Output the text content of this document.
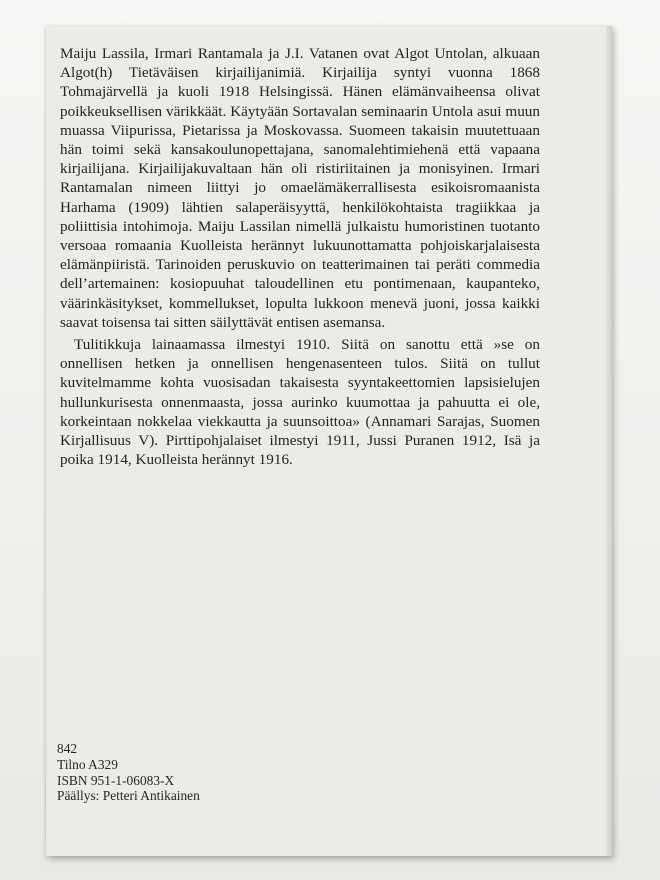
Maiju Lassila, Irmari Rantamala ja J.I. Vatanen ovat Algot Untolan, alkuaan Algot(h) Tietäväisen kirjailijanimiä. Kirjailija syntyi vuonna 1868 Tohmajärvellä ja kuoli 1918 Helsingissä. Hänen elämänvaiheensa olivat poikkeuksellisen värikkäät. Käytyään Sortavalan seminaarin Untola asui muun muassa Viipurissa, Pietarissa ja Moskovassa. Suomeen takaisin muutettuaan hän toimi sekä kansakoulunopettajana, sanomalehtimiehenä että vapaana kirjailijana. Kirjailijakuvaltaan hän oli ristiriitainen ja monisyinen. Irmari Rantamalan nimeen liittyi jo omaelämäkerrallisesta esikoisromaanista Harhama (1909) lähtien salaperäisyyttä, henkilökohtaista tragiikkaa ja poliittisia intohimoja. Maiju Lassilan nimellä julkaistu humoristinen tuotanto versoaa romaania Kuolleista herännyt lukuunottamatta pohjoiskarjalaisesta elämänpiiristä. Tarinoiden peruskuvio on teatterimainen tai peräti commedia dell’artemainen: kosiopuuhat taloudellinen etu pontimenaan, kaupanteko, väärinkäsitykset, kommellukset, lopulta lukkoon menevä juoni, jossa kaikki saavat toisensa tai sitten säilyttävät entisen asemansa.

Tulitikkuja lainaamassa ilmestyi 1910. Siitä on sanottu että »se on onnellisen hetken ja onnellisen hengenasenteen tulos. Siitä on tullut kuvitelmamme kohta vuosisadan takaisesta syyntakeettomien lapsisielujen hullunkurisesta onnenmaasta, jossa aurinko kuumottaa ja pahuutta ei ole, korkeintaan nokkelaa viekkautta ja suunsoittoa» (Annamari Sarajas, Suomen Kirjallisuus V). Pirttipohjalaiset ilmestyi 1911, Jussi Puranen 1912, Isä ja poika 1914, Kuolleista herännyt 1916.

842
Tilno A329
ISBN 951-1-06083-X
Päällys: Petteri Antikainen
